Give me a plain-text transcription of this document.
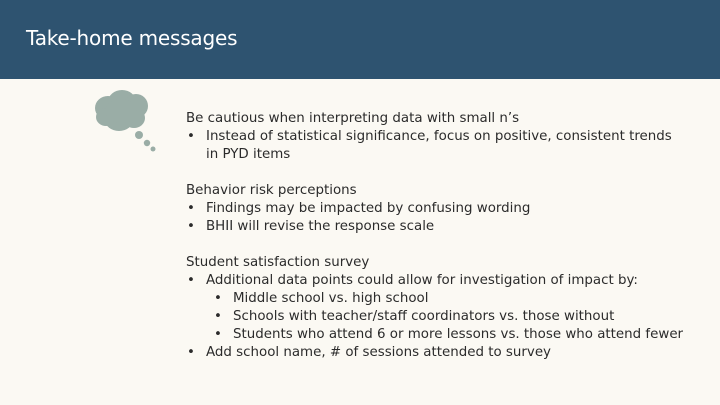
Take-home messages
Be cautious when interpreting data with small n’s
• Instead of statistical significance, focus on positive, consistent trends in PYD items
Behavior risk perceptions
• Findings may be impacted by confusing wording
• BHII will revise the response scale
Student satisfaction survey
• Additional data points could allow for investigation of impact by:
• Middle school vs. high school
• Schools with teacher/staff coordinators vs. those without
• Students who attend 6 or more lessons vs. those who attend fewer
• Add school name, # of sessions attended to survey
